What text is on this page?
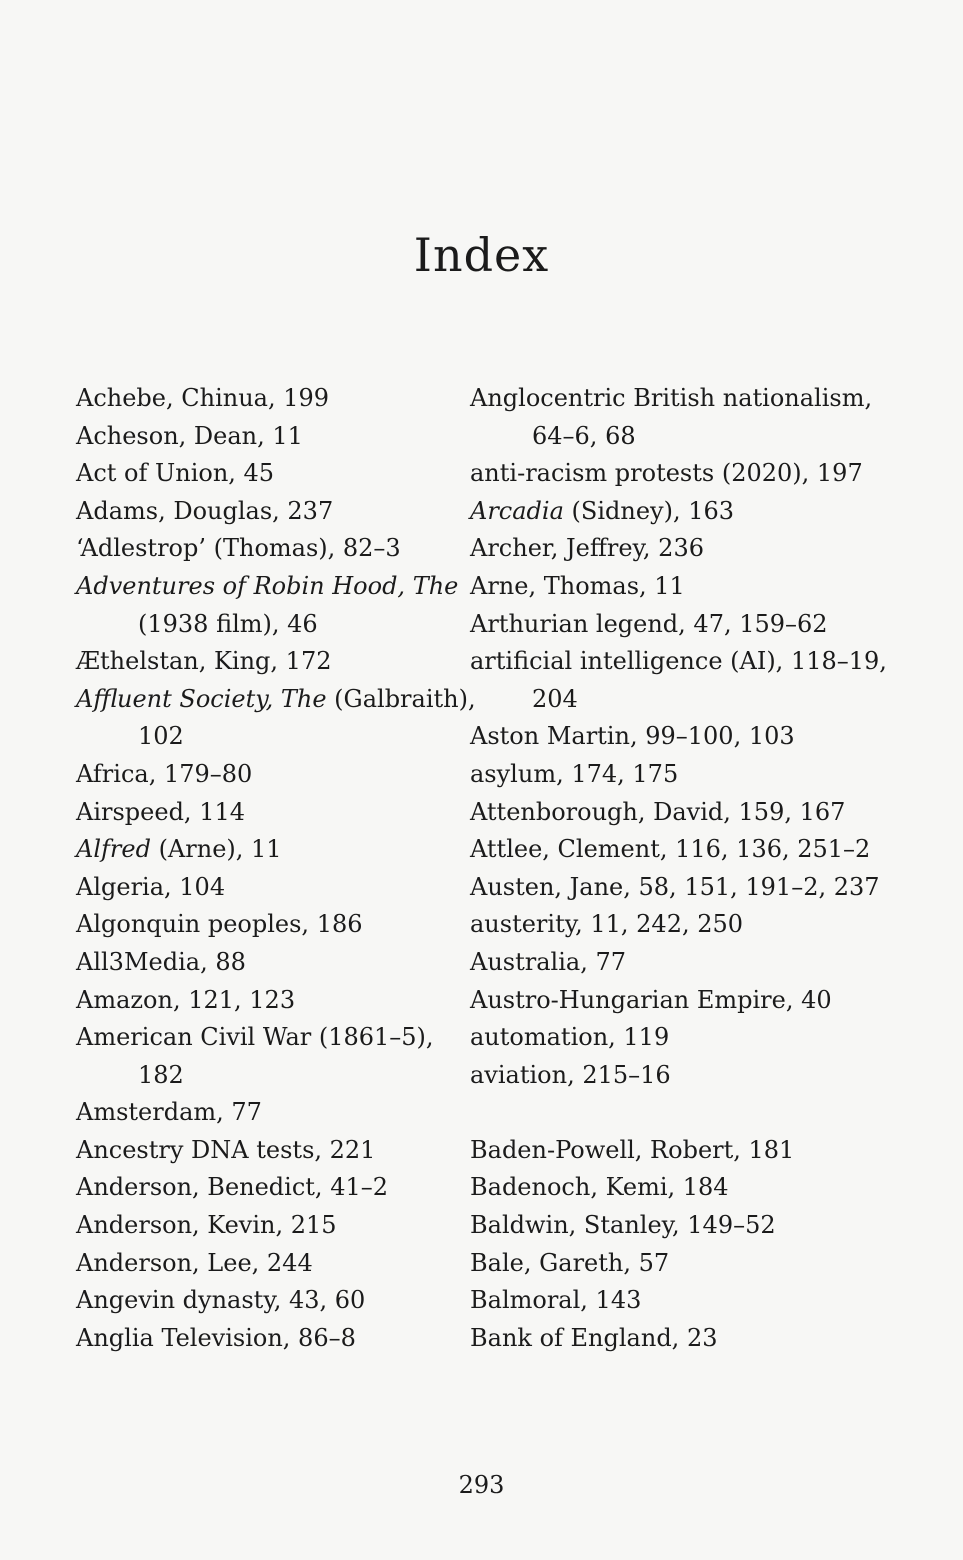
Index

Achebe, Chinua, 199

Acheson, Dean, 11

Act of Union, 45

Adams, Douglas, 237

‘Adlestrop’ (Thomas), 82–3

Adventures of Robin Hood, The (1938 film), 46

Æthelstan, King, 172

Affluent Society, The (Galbraith), 102

Africa, 179–80

Airspeed, 114

Alfred (Arne), 11

Algeria, 104

Algonquin peoples, 186

All3Media, 88

Amazon, 121, 123

American Civil War (1861–5), 182

Amsterdam, 77

Ancestry DNA tests, 221

Anderson, Benedict, 41–2

Anderson, Kevin, 215

Anderson, Lee, 244

Angevin dynasty, 43, 60

Anglia Television, 86–8

Anglocentric British nationalism, 64–6, 68

anti-racism protests (2020), 197

Arcadia (Sidney), 163

Archer, Jeffrey, 236

Arne, Thomas, 11

Arthurian legend, 47, 159–62

artificial intelligence (AI), 118–19, 204

Aston Martin, 99–100, 103

asylum, 174, 175

Attenborough, David, 159, 167

Attlee, Clement, 116, 136, 251–2

Austen, Jane, 58, 151, 191–2, 237

austerity, 11, 242, 250

Australia, 77

Austro-Hungarian Empire, 40

automation, 119

aviation, 215–16

Baden-Powell, Robert, 181

Badenoch, Kemi, 184

Baldwin, Stanley, 149–52

Bale, Gareth, 57

Balmoral, 143

Bank of England, 23

293
